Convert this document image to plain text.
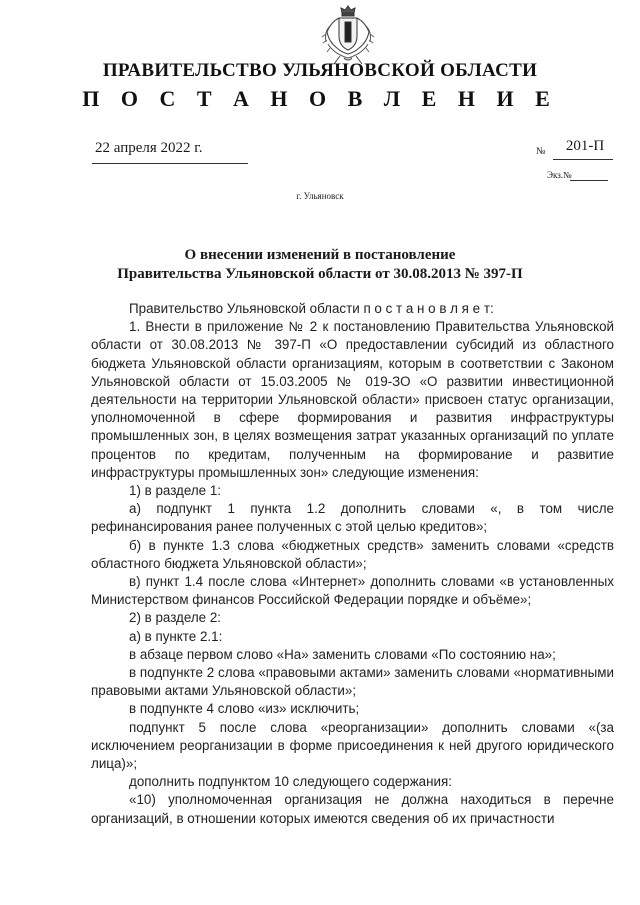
ПРАВИТЕЛЬСТВО УЛЬЯНОВСКОЙ ОБЛАСТИ
П О С Т А Н О В Л Е Н И Е
22 апреля 2022 г.	№	201-П
Экз.№
г. Ульяновск
О внесении изменений в постановление
Правительства Ульяновской области от 30.08.2013 № 397-П

Правительство Ульяновской области п о с т а н о в л я е т:

1. Внести в приложение № 2 к постановлению Правительства Ульяновской области от 30.08.2013 № 397-П «О предоставлении субсидий из областного бюджета Ульяновской области организациям, которым в соответствии с Законом Ульяновской области от 15.03.2005 № 019-ЗО «О развитии инвестиционной деятельности на территории Ульяновской области» присвоен статус организации, уполномоченной в сфере формирования и развития инфраструктуры промышленных зон, в целях возмещения затрат указанных организаций по уплате процентов по кредитам, полученным на формирование и развитие инфраструктуры промышленных зон» следующие изменения:

1) в разделе 1:

а) подпункт 1 пункта 1.2 дополнить словами «, в том числе рефинансирования ранее полученных с этой целью кредитов»;

б) в пункте 1.3 слова «бюджетных средств» заменить словами «средств областного бюджета Ульяновской области»;

в) пункт 1.4 после слова «Интернет» дополнить словами «в установленных Министерством финансов Российской Федерации порядке и объёме»;

2) в разделе 2:

а) в пункте 2.1:

в абзаце первом слово «На» заменить словами «По состоянию на»;

в подпункте 2 слова «правовыми актами» заменить словами «нормативными правовыми актами Ульяновской области»;

в подпункте 4 слово «из» исключить;

подпункт 5 после слова «реорганизации» дополнить словами «(за исключением реорганизации в форме присоединения к ней другого юридического лица)»;

дополнить подпунктом 10 следующего содержания:

«10) уполномоченная организация не должна находиться в перечне организаций, в отношении которых имеются сведения об их причастности
